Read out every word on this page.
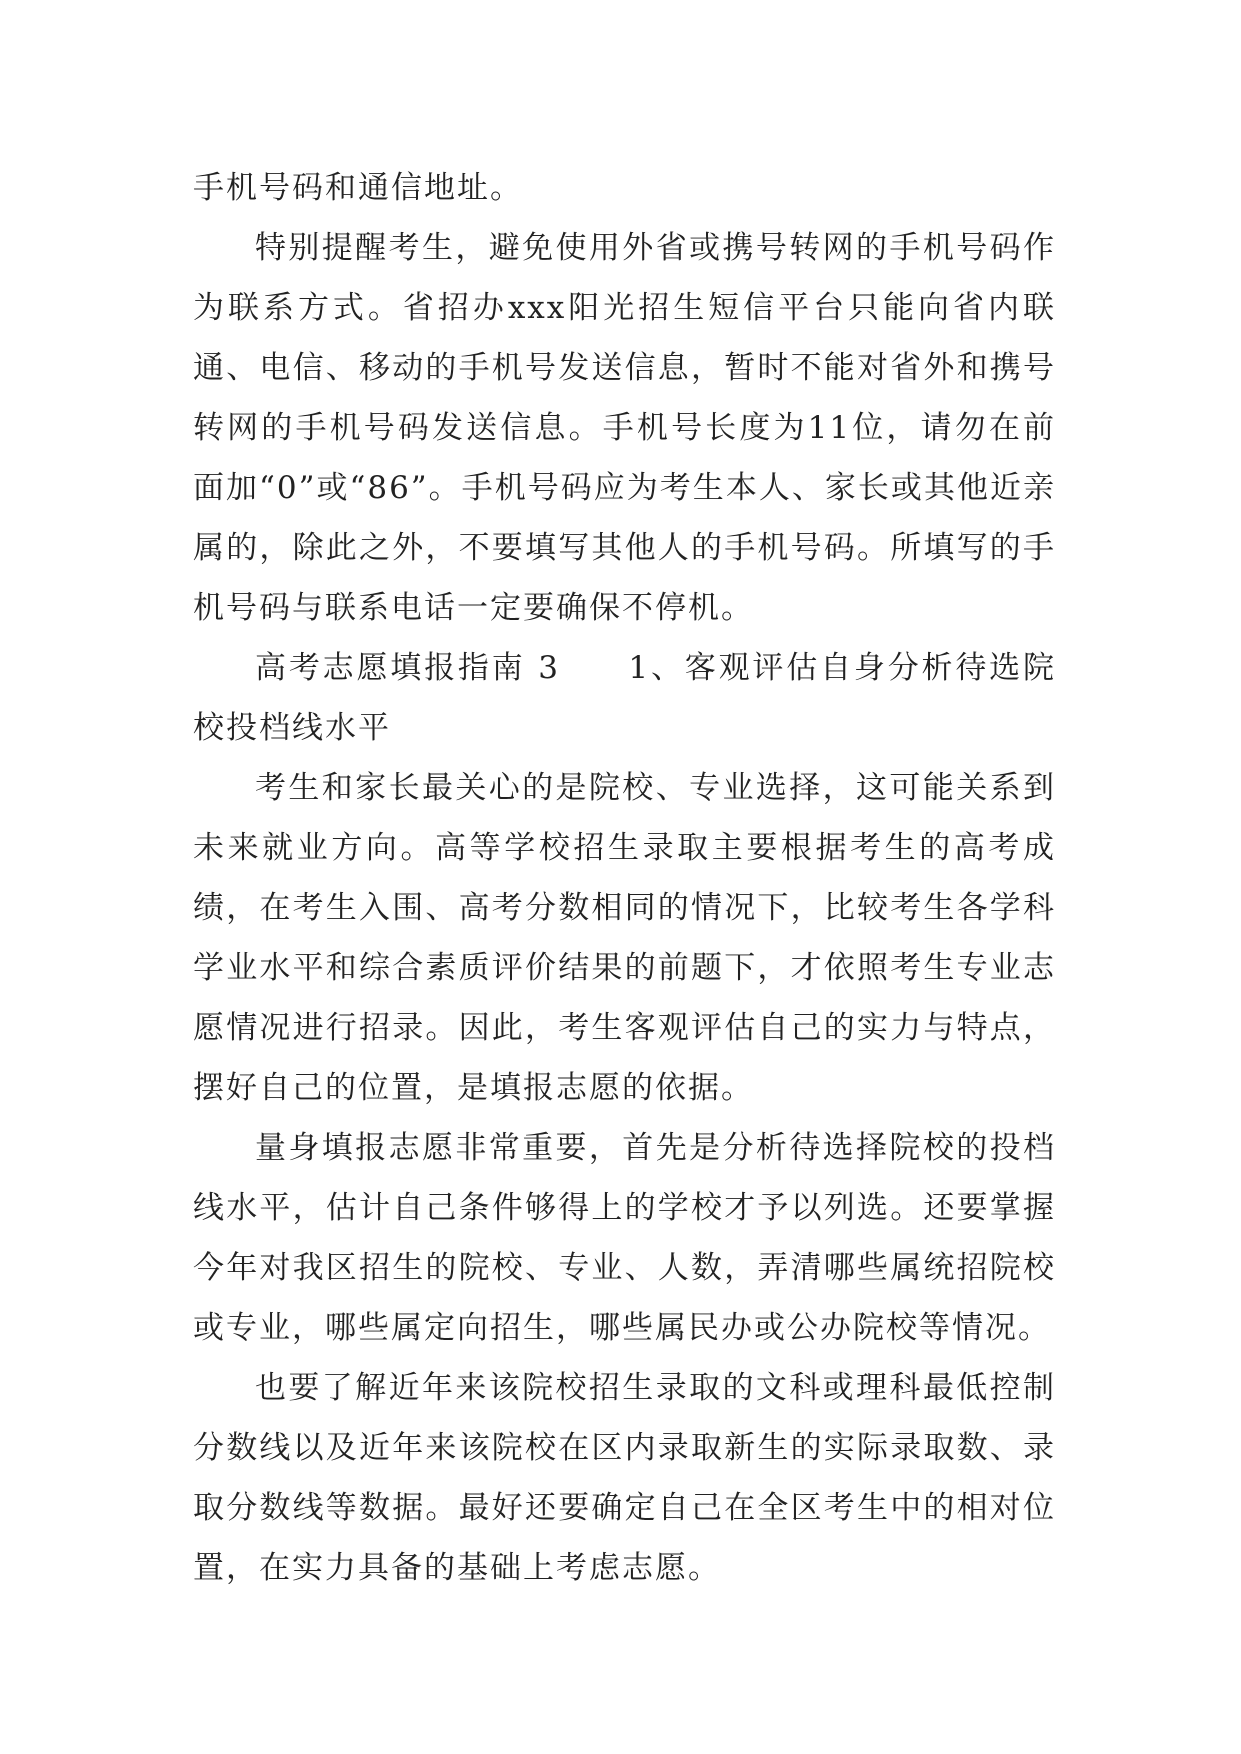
手机号码和通信地址。

特别提醒考生，避免使用外省或携号转网的手机号码作为联系方式。省招办xxx阳光招生短信平台只能向省内联通、电信、移动的手机号发送信息，暂时不能对省外和携号转网的手机号码发送信息。手机号长度为11位，请勿在前面加“0”或“86”。手机号码应为考生本人、家长或其他近亲属的，除此之外，不要填写其他人的手机号码。所填写的手机号码与联系电话一定要确保不停机。

高考志愿填报指南 3　　1、客观评估自身分析待选院校投档线水平

考生和家长最关心的是院校、专业选择，这可能关系到未来就业方向。高等学校招生录取主要根据考生的高考成绩，在考生入围、高考分数相同的情况下，比较考生各学科学业水平和综合素质评价结果的前题下，才依照考生专业志愿情况进行招录。因此，考生客观评估自己的实力与特点，摆好自己的位置，是填报志愿的依据。

量身填报志愿非常重要，首先是分析待选择院校的投档线水平，估计自己条件够得上的学校才予以列选。还要掌握今年对我区招生的院校、专业、人数，弄清哪些属统招院校或专业，哪些属定向招生，哪些属民办或公办院校等情况。

也要了解近年来该院校招生录取的文科或理科最低控制分数线以及近年来该院校在区内录取新生的实际录取数、录取分数线等数据。最好还要确定自己在全区考生中的相对位置，在实力具备的基础上考虑志愿。
